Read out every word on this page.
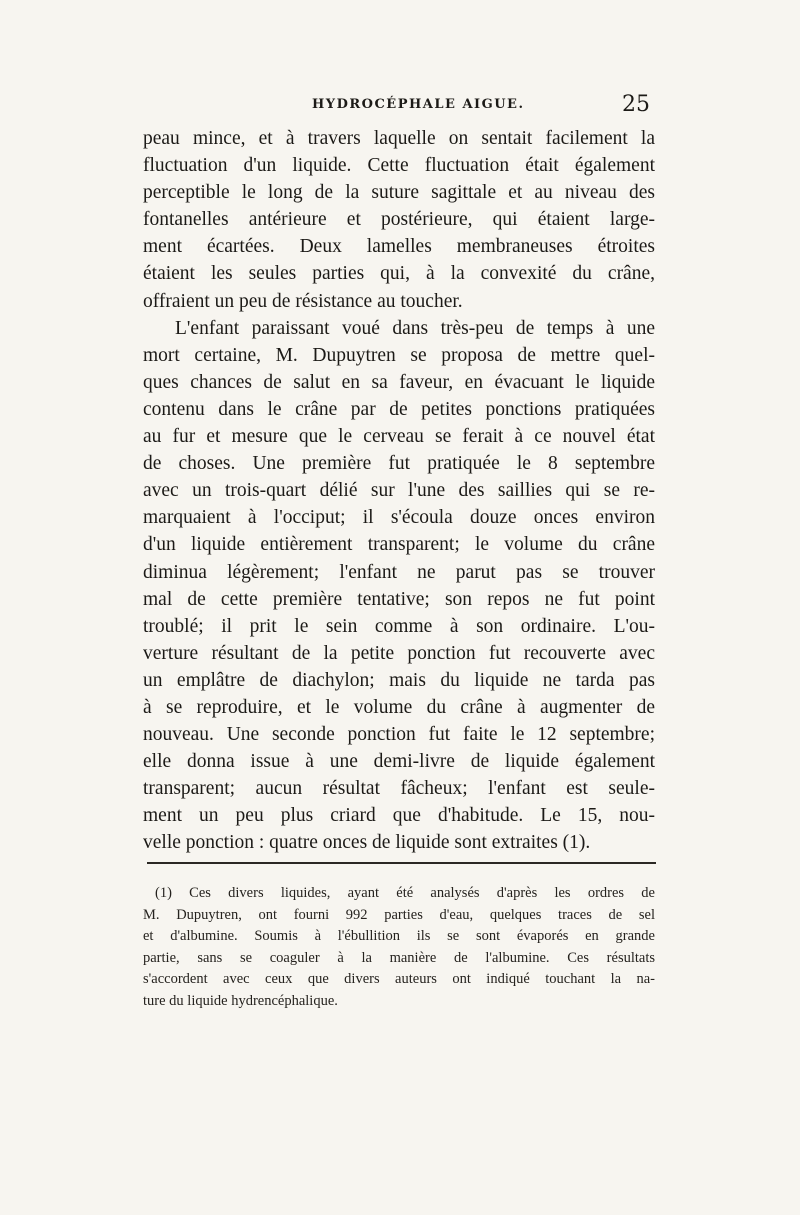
HYDROCÉPHALE AIGUE.	25
peau mince, et à travers laquelle on sentait facilement la
fluctuation d'un liquide. Cette fluctuation était également
perceptible le long de la suture sagittale et au niveau des
fontanelles antérieure et postérieure, qui étaient large-
ment écartées. Deux lamelles membraneuses étroites
étaient les seules parties qui, à la convexité du crâne,
offraient un peu de résistance au toucher.
L'enfant paraissant voué dans très-peu de temps à une
mort certaine, M. Dupuytren se proposa de mettre quel-
ques chances de salut en sa faveur, en évacuant le liquide
contenu dans le crâne par de petites ponctions pratiquées
au fur et mesure que le cerveau se ferait à ce nouvel état
de choses. Une première fut pratiquée le 8 septembre
avec un trois-quart délié sur l'une des saillies qui se re-
marquaient à l'occiput; il s'écoula douze onces environ
d'un liquide entièrement transparent; le volume du crâne
diminua légèrement; l'enfant ne parut pas se trouver
mal de cette première tentative; son repos ne fut point
troublé; il prit le sein comme à son ordinaire. L'ou-
verture résultant de la petite ponction fut recouverte avec
un emplâtre de diachylon; mais du liquide ne tarda pas
à se reproduire, et le volume du crâne à augmenter de
nouveau. Une seconde ponction fut faite le 12 septembre;
elle donna issue à une demi-livre de liquide également
transparent; aucun résultat fâcheux; l'enfant est seule-
ment un peu plus criard que d'habitude. Le 15, nou-
velle ponction : quatre onces de liquide sont extraites (1).
(1) Ces divers liquides, ayant été analysés d'après les ordres de
M. Dupuytren, ont fourni 992 parties d'eau, quelques traces de sel
et d'albumine. Soumis à l'ébullition ils se sont évaporés en grande
partie, sans se coaguler à la manière de l'albumine. Ces résultats
s'accordent avec ceux que divers auteurs ont indiqué touchant la na-
ture du liquide hydrencéphalique.
